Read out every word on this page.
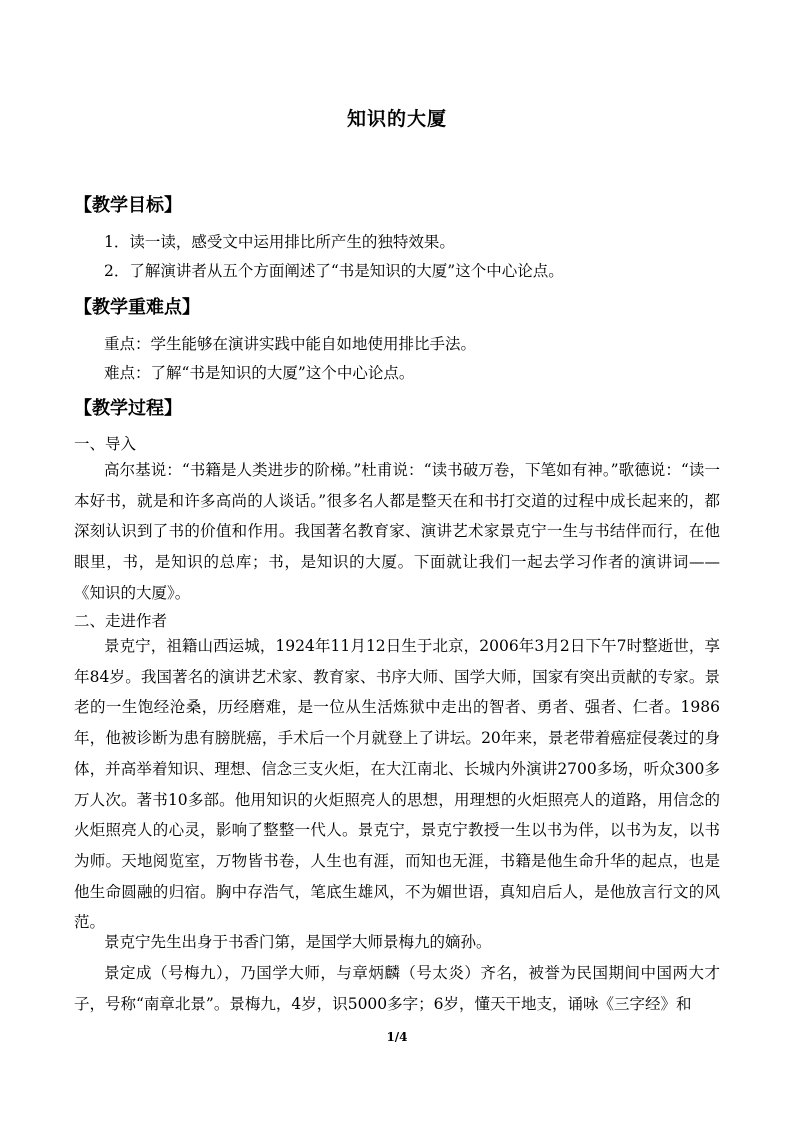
知识的大厦
【教学目标】
1．读一读，感受文中运用排比所产生的独特效果。
2．了解演讲者从五个方面阐述了“书是知识的大厦”这个中心论点。
【教学重难点】
重点：学生能够在演讲实践中能自如地使用排比手法。
难点：了解“书是知识的大厦”这个中心论点。
【教学过程】
一、导入
高尔基说：“书籍是人类进步的阶梯。”杜甫说：“读书破万卷，下笔如有神。”歌德说：“读一本好书，就是和许多高尚的人谈话。”很多名人都是整天在和书打交道的过程中成长起来的，都深刻认识到了书的价值和作用。我国著名教育家、演讲艺术家景克宁一生与书结伴而行，在他眼里，书，是知识的总库；书，是知识的大厦。下面就让我们一起去学习作者的演讲词——《知识的大厦》。
二、走进作者
景克宁，祖籍山西运城，1924年11月12日生于北京，2006年3月2日下午7时整逝世，享年84岁。我国著名的演讲艺术家、教育家、书序大师、国学大师，国家有突出贡献的专家。景老的一生饱经沧桑，历经磨难，是一位从生活炼狱中走出的智者、勇者、强者、仁者。1986年，他被诊断为患有膀胱癌，手术后一个月就登上了讲坛。20年来，景老带着癌症侵袭过的身体，并高举着知识、理想、信念三支火炬，在大江南北、长城内外演讲2700多场，听众300多万人次。著书10多部。他用知识的火炬照亮人的思想，用理想的火炬照亮人的道路，用信念的火炬照亮人的心灵，影响了整整一代人。景克宁，景克宁教授一生以书为伴，以书为友，以书为师。天地阅览室，万物皆书卷，人生也有涯，而知也无涯，书籍是他生命升华的起点，也是他生命圆融的归宿。胸中存浩气，笔底生雄风，不为媚世语，真知启后人，是他放言行文的风范。
景克宁先生出身于书香门第，是国学大师景梅九的嫡孙。
景定成（号梅九），乃国学大师，与章炳麟（号太炎）齐名，被誉为民国期间中国两大才子，号称“南章北景”。景梅九，4岁，识5000多字；6岁，懂天干地支，诵咏《三字经》和
1/4
